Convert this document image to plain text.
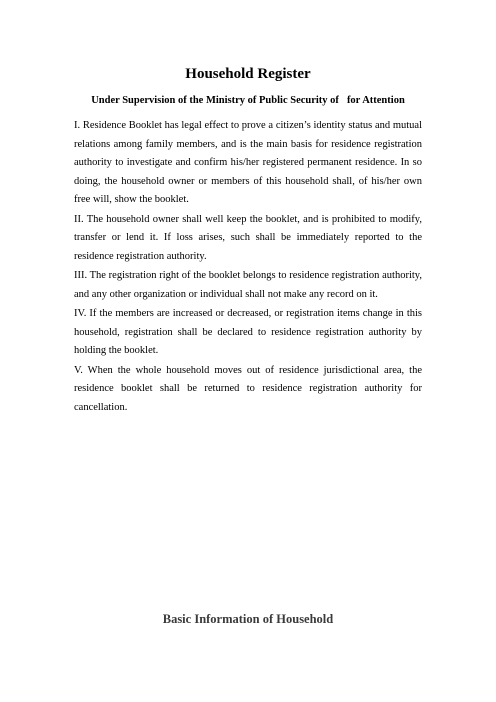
Household Register
Under Supervision of the Ministry of Public Security of for Attention

I. Residence Booklet has legal effect to prove a citizen’s identity status and mutual relations among family members, and is the main basis for residence registration authority to investigate and confirm his/her registered permanent residence. In so doing, the household owner or members of this household shall, of his/her own free will, show the booklet.

II. The household owner shall well keep the booklet, and is prohibited to modify, transfer or lend it. If loss arises, such shall be immediately reported to the residence registration authority.

III. The registration right of the booklet belongs to residence registration authority, and any other organization or individual shall not make any record on it.

IV. If the members are increased or decreased, or registration items change in this household, registration shall be declared to residence registration authority by holding the booklet.

V. When the whole household moves out of residence jurisdictional area, the residence booklet shall be returned to residence registration authority for cancellation.

Basic Information of Household
